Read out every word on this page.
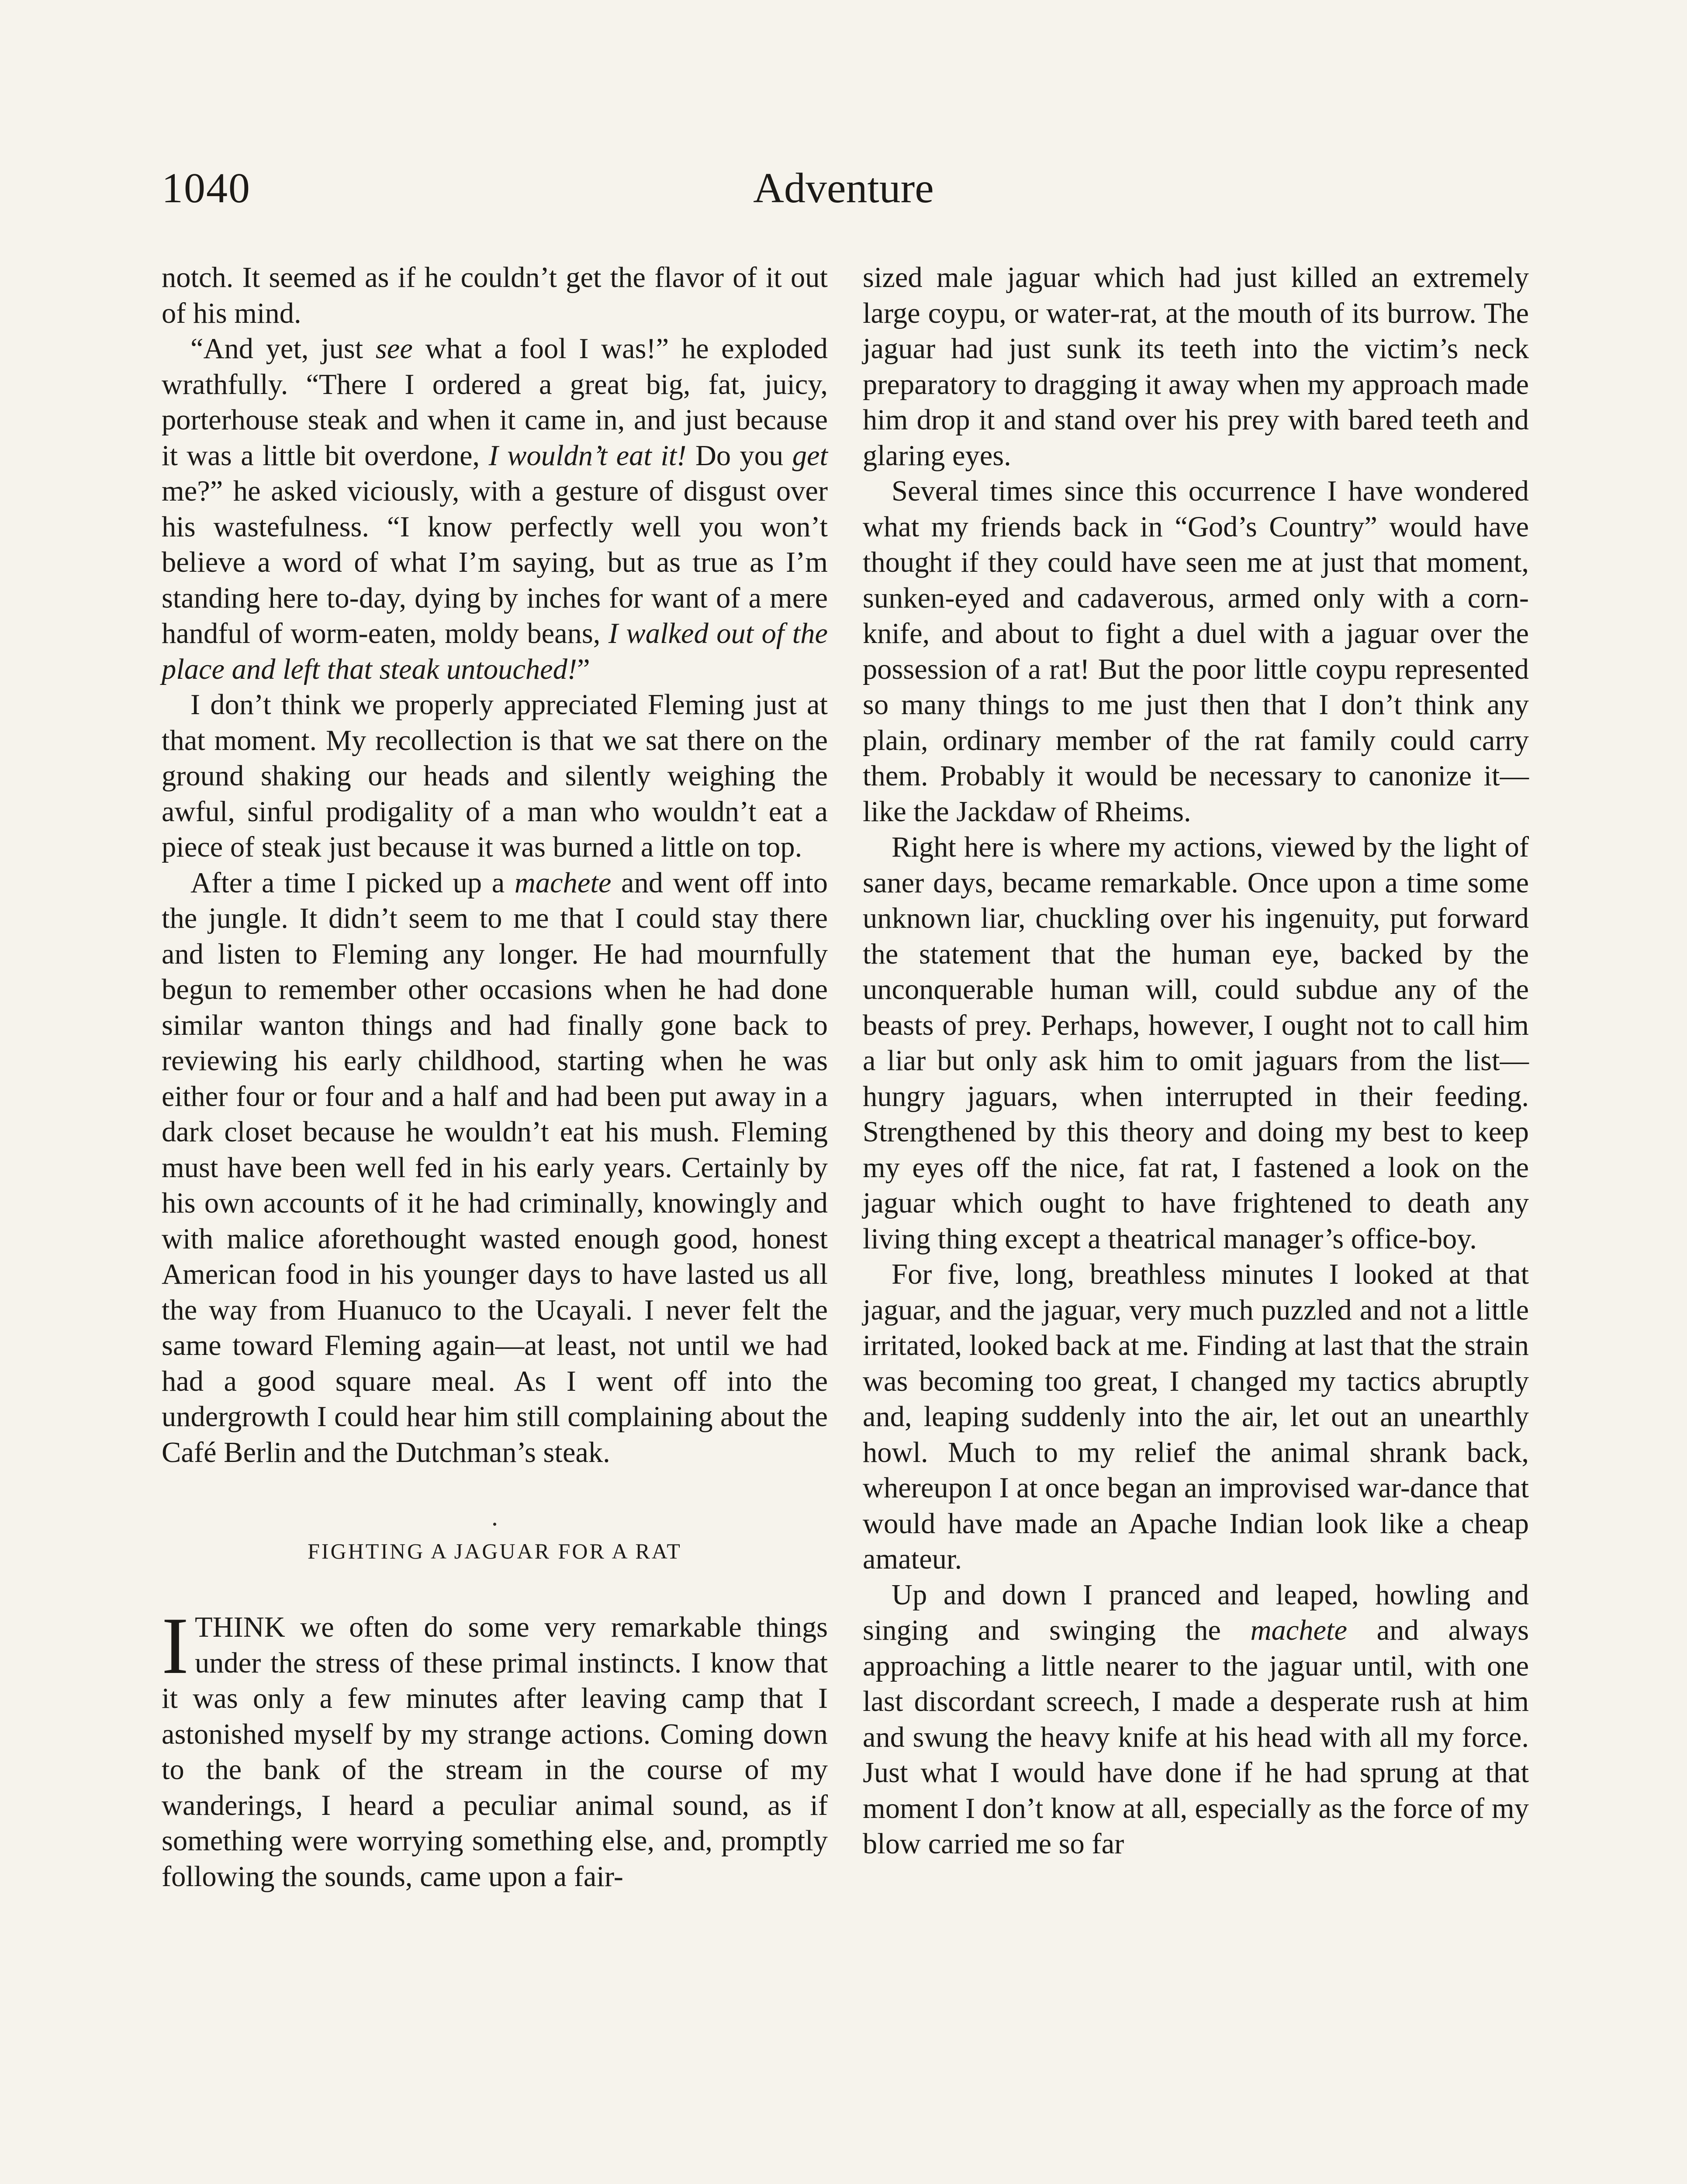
1040	Adventure

notch. It seemed as if he couldn’t get the flavor of it out of his mind.

“And yet, just see what a fool I was!” he exploded wrathfully. “There I ordered a great big, fat, juicy, porterhouse steak and when it came in, and just because it was a little bit overdone, I wouldn’t eat it! Do you get me?” he asked viciously, with a gesture of disgust over his wastefulness. “I know perfectly well you won’t believe a word of what I’m saying, but as true as I’m standing here to-day, dying by inches for want of a mere handful of worm-eaten, moldy beans, I walked out of the place and left that steak untouched!”

I don’t think we properly appreciated Fleming just at that moment. My recollection is that we sat there on the ground shaking our heads and silently weighing the awful, sinful prodigality of a man who wouldn’t eat a piece of steak just because it was burned a little on top.

After a time I picked up a machete and went off into the jungle. It didn’t seem to me that I could stay there and listen to Fleming any longer. He had mournfully begun to remember other occasions when he had done similar wanton things and had finally gone back to reviewing his early childhood, starting when he was either four or four and a half and had been put away in a dark closet because he wouldn’t eat his mush. Fleming must have been well fed in his early years. Certainly by his own accounts of it he had criminally, knowingly and with malice aforethought wasted enough good, honest American food in his younger days to have lasted us all the way from Huanuco to the Ucayali. I never felt the same toward Fleming again—at least, not until we had had a good square meal. As I went off into the undergrowth I could hear him still complaining about the Café Berlin and the Dutchman’s steak.

FIGHTING A JAGUAR FOR A RAT

I THINK we often do some very remarkable things under the stress of these primal instincts. I know that it was only a few minutes after leaving camp that I astonished myself by my strange actions. Coming down to the bank of the stream in the course of my wanderings, I heard a peculiar animal sound, as if something were worrying something else, and, promptly following the sounds, came upon a fair-

sized male jaguar which had just killed an extremely large coypu, or water-rat, at the mouth of its burrow. The jaguar had just sunk its teeth into the victim’s neck preparatory to dragging it away when my approach made him drop it and stand over his prey with bared teeth and glaring eyes.

Several times since this occurrence I have wondered what my friends back in “God’s Country” would have thought if they could have seen me at just that moment, sunken-eyed and cadaverous, armed only with a corn-knife, and about to fight a duel with a jaguar over the possession of a rat! But the poor little coypu represented so many things to me just then that I don’t think any plain, ordinary member of the rat family could carry them. Probably it would be necessary to canonize it—like the Jackdaw of Rheims.

Right here is where my actions, viewed by the light of saner days, became remarkable. Once upon a time some unknown liar, chuckling over his ingenuity, put forward the statement that the human eye, backed by the unconquerable human will, could subdue any of the beasts of prey. Perhaps, however, I ought not to call him a liar but only ask him to omit jaguars from the list—hungry jaguars, when interrupted in their feeding. Strengthened by this theory and doing my best to keep my eyes off the nice, fat rat, I fastened a look on the jaguar which ought to have frightened to death any living thing except a theatrical manager’s office-boy.

For five, long, breathless minutes I looked at that jaguar, and the jaguar, very much puzzled and not a little irritated, looked back at me. Finding at last that the strain was becoming too great, I changed my tactics abruptly and, leaping suddenly into the air, let out an unearthly howl. Much to my relief the animal shrank back, whereupon I at once began an improvised war-dance that would have made an Apache Indian look like a cheap amateur.

Up and down I pranced and leaped, howling and singing and swinging the machete and always approaching a little nearer to the jaguar until, with one last discordant screech, I made a desperate rush at him and swung the heavy knife at his head with all my force. Just what I would have done if he had sprung at that moment I don’t know at all, especially as the force of my blow carried me so far
